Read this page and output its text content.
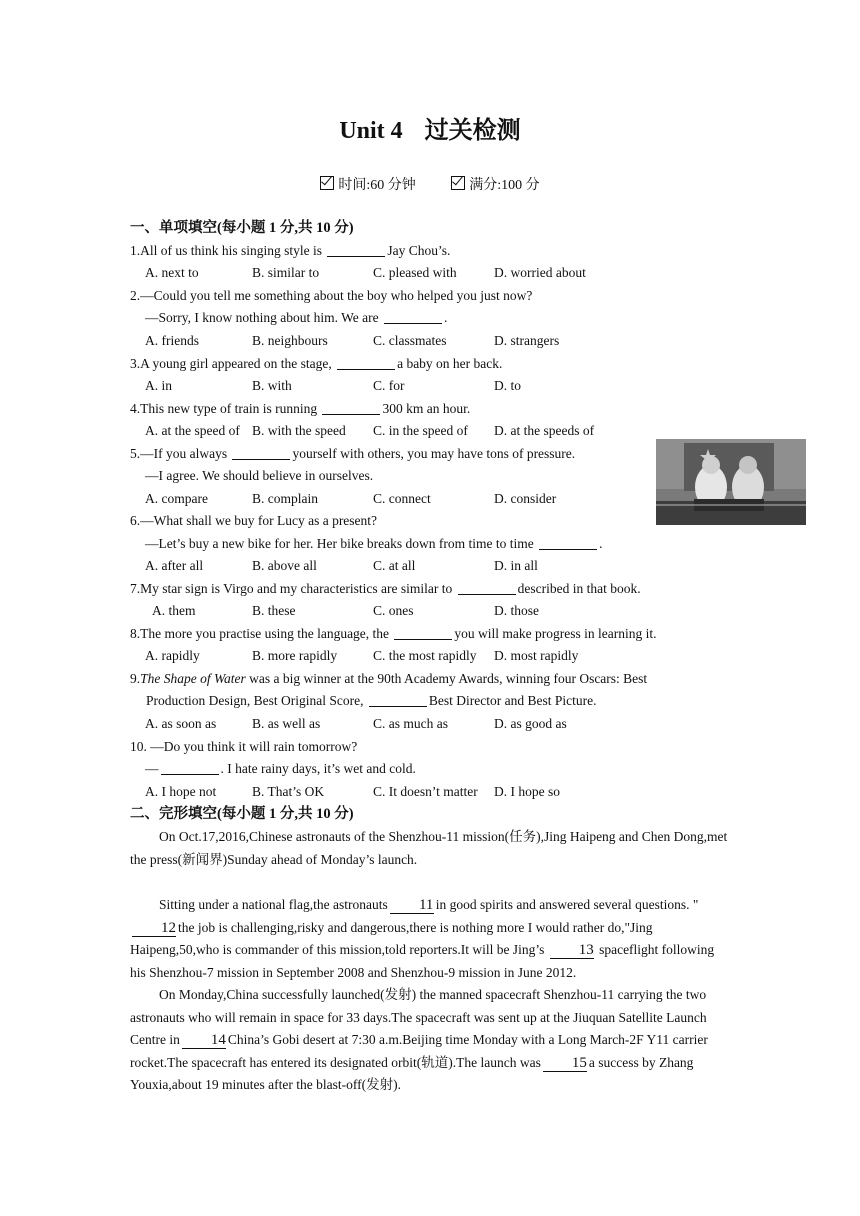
Unit 4 过关检测
时间:60 分钟	满分:100 分
一、单项填空(每小题 1 分,共 10 分)
1.All of us think his singing style is	Jay Chou’s.
A. next to	B. similar to	C. pleased with	D. worried about
2.—Could you tell me something about the boy who helped you just now?
—Sorry, I know nothing about him. We are	.
A. friends	B. neighbours	C. classmates	D. strangers
3.A young girl appeared on the stage,	a baby on her back.
A. in	B. with	C. for	D. to
4.This new type of train is running	300 km an hour.
A. at the speed of B. with the speed C. in the speed of D. at the speeds of
5.—If you always	yourself with others, you may have tons of pressure.
—I agree. We should believe in ourselves.
A. compare	B. complain	C. connect	D. consider
6.—What shall we buy for Lucy as a present?
—Let’s buy a new bike for her. Her bike breaks down from time to time	.
A. after all	B. above all	C. at all	D. in all
7.My star sign is Virgo and my characteristics are similar to	described in that book.
A. them	B. these	C. ones	D. those
8.The more you practise using the language, the	you will make progress in learning it.
A. rapidly	B. more rapidly	C. the most rapidly D. most rapidly
9.The Shape of Water was a big winner at the 90th Academy Awards, winning four Oscars: Best
Production Design, Best Original Score,	Best Director and Best Picture.
A. as soon as	B. as well as	C. as much as	D. as good as
10. —Do you think it will rain tomorrow?
—	. I hate rainy days, it’s wet and cold.
A. I hope not	B. That’s OK	C. It doesn’t matter D. I hope so
二、完形填空(每小题 1 分,共 10 分)
On Oct.17,2016,Chinese astronauts of the Shenzhou-11 mission(任务),Jing Haipeng and Chen Dong,met the press(新闻界)Sunday ahead of Monday’s launch.
Sitting under a national flag,the astronauts 11 in good spirits and answered several questions. "12 the job is challenging,risky and dangerous,there is nothing more I would rather do,"Jing Haipeng,50,who is commander of this mission,told reporters.It will be Jing’s 13 spaceflight following his Shenzhou-7 mission in September 2008 and Shenzhou-9 mission in June 2012.
On Monday,China successfully launched(发射) the manned spacecraft Shenzhou-11 carrying the two astronauts who will remain in space for 33 days.The spacecraft was sent up at the Jiuquan Satellite Launch Centre in 14 China’s Gobi desert at 7:30 a.m.Beijing time Monday with a Long March-2F Y11 carrier rocket.The spacecraft has entered its designated orbit(轨道).The launch was 15 a success by Zhang Youxia,about 19 minutes after the blast-off(发射).
